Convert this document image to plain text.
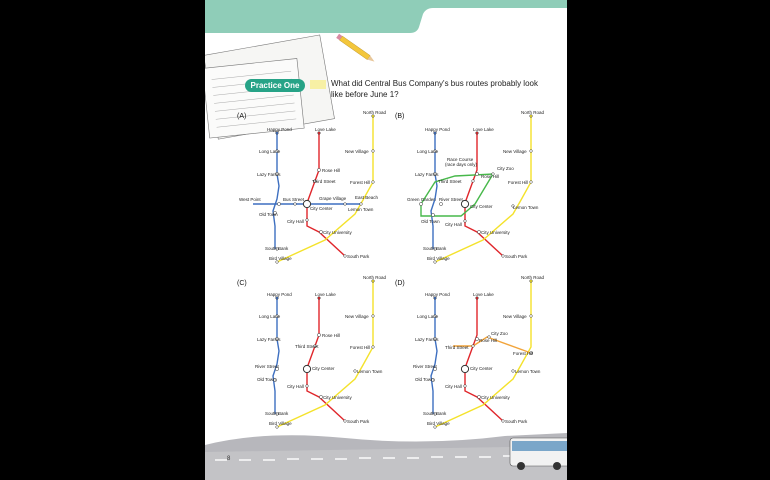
Happy Pond	Love Lake
North Road
Long Lane	New Village
Rose Hill
Lazy Farms
Third Street	Forest Hill
West Point	Bus Street	Grape Village East Beach
City Center	Lemon Town
Old Town
City Hall
City University
South Bank
Bird Village	South Park
Happy Pond	Love Lake
North Road
Long Lane	New Village
Race Course
(race days only)
City Zoo
Rose Hill
Lazy Farms
Third Street	Forest Hill
Green Garden River Street
City Center	Lemon Town
Old Town
City Hall
City University
South Bank
Bird Village	South Park
North Road
Happy Pond	Love Lake
Long Lane	New Village
Rose Hill
Lazy Farms
Third Street	Forest Hill
River Street	City Center
Lemon Town
Old Town
City Hall
City University
South Bank
Bird Village	South Park
North Road
Happy Pond	Love Lake
Long Lane	New Village
City Zoo
Rose Hill
Lazy Farms
Third Street
Forest Hill
River Street	City Center
Lemon Town
Old Town
City Hall
City University
South Bank
Bird Village	South Park
Practice One	What did Central Bus Company's bus routes probably look like before June 1?
(A)	(B)
(C)	(D)
8
